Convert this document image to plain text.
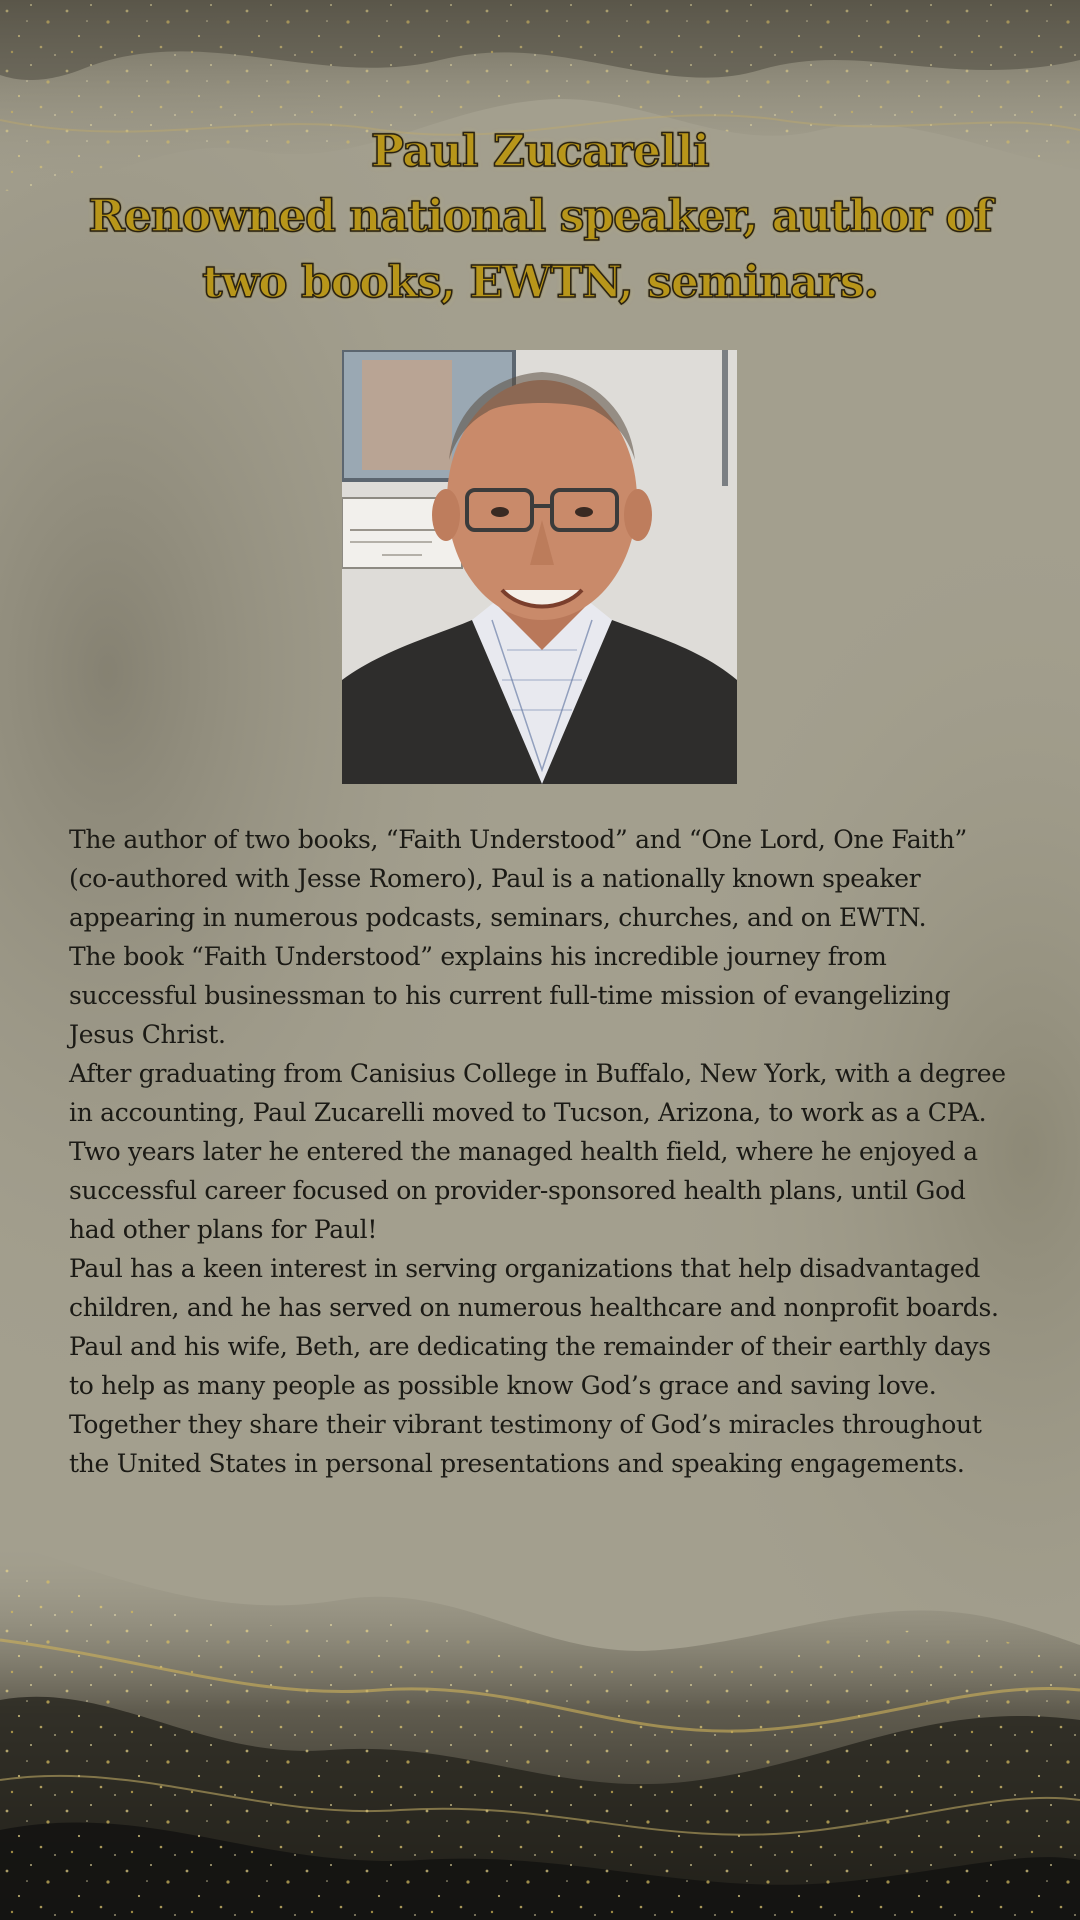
Paul Zucarelli
Renowned national speaker, author of two books, EWTN, seminars.

The author of two books, “Faith Understood” and “One Lord, One Faith” (co-authored with Jesse Romero), Paul is a nationally known speaker appearing in numerous podcasts, seminars, churches, and on EWTN.

The book “Faith Understood” explains his incredible journey from successful businessman to his current full-time mission of evangelizing Jesus Christ.

After graduating from Canisius College in Buffalo, New York, with a degree in accounting, Paul Zucarelli moved to Tucson, Arizona, to work as a CPA. Two years later he entered the managed health field, where he enjoyed a successful career focused on provider-sponsored health plans, until God had other plans for Paul!

Paul has a keen interest in serving organizations that help disadvantaged children, and he has served on numerous healthcare and nonprofit boards. Paul and his wife, Beth, are dedicating the remainder of their earthly days to help as many people as possible know God’s grace and saving love. Together they share their vibrant testimony of God’s miracles throughout the United States in personal presentations and speaking engagements.
